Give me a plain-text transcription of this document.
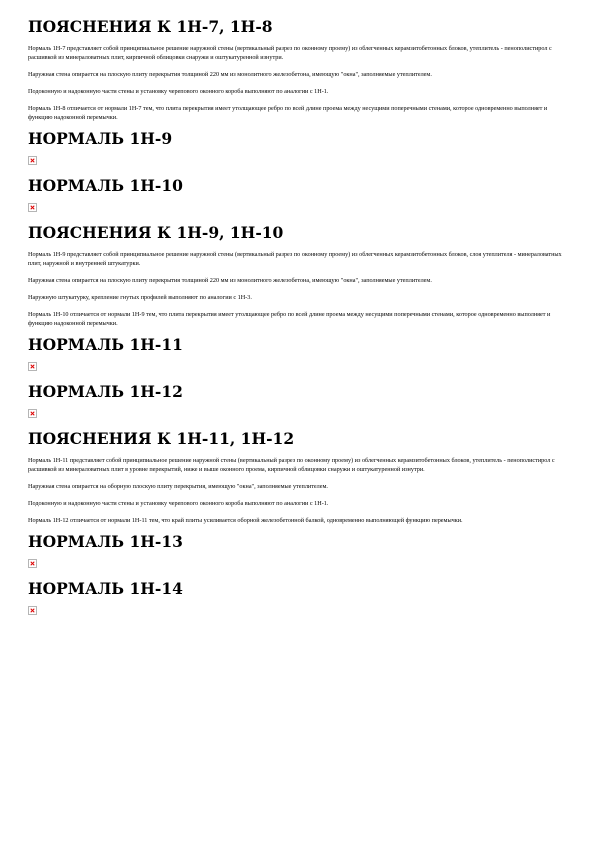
ПОЯСНЕНИЯ К 1Н-7, 1Н-8

Нормаль 1Н-7 представляет собой принципиальное решение наружной стены (вертикальный разрез по оконному проему) из облегченных керамзитобетонных блоков, утеплитель - пенополистирол с расшивкой из минераловатных плит, кирпичной облицовки снаружи и оштукатуренной изнутри.

Наружная стена опирается на плоскую плиту перекрытия толщиной 220 мм из монолитного железобетона, имеющую "окна", заполняемые утеплителем.

Подоконную и надоконную части стены и установку черепового оконного короба выполняют по аналогии с 1Н-1.

Нормаль 1Н-8 отличается от нормали 1Н-7 тем, что плита перекрытия имеет утолщающее ребро по всей длине проема между несущими поперечными стенами, которое одновременно выполняет и функцию надоконной перемычки.

НОРМАЛЬ 1Н-9
НОРМАЛЬ 1Н-10
ПОЯСНЕНИЯ К 1Н-9, 1Н-10

Нормаль 1Н-9 представляет собой принципиальное решение наружной стены (вертикальный разрез по оконному проему) из облегченных керамзитобетонных блоков, слоя утеплителя - минераловатных плит, наружной и внутренней штукатурки.

Наружная стена опирается на плоскую плиту перекрытия толщиной 220 мм из монолитного железобетона, имеющую "окна", заполняемые утеплителем.

Наружную штукатурку, крепление гнутых профилей выполняют по аналогии с 1Н-3.

Нормаль 1Н-10 отличается от нормали 1Н-9 тем, что плита перекрытия имеет утолщающее ребро по всей длине проема между несущими поперечными стенами, которое одновременно выполняет и функцию надоконной перемычки.

НОРМАЛЬ 1Н-11
НОРМАЛЬ 1Н-12
ПОЯСНЕНИЯ К 1Н-11, 1Н-12

Нормаль 1Н-11 представляет собой принципиальное решение наружной стены (вертикальный разрез по оконному проему) из облегченных керамзитобетонных блоков, утеплитель - пенополистирол с расшивкой из минераловатных плит в уровне перекрытий, ниже и выше оконного проема, кирпичной облицовки снаружи и оштукатуренной изнутри.

Наружная стена опирается на оборную плоскую плиту перекрытия, имеющую "окна", заполняемые утеплителем.

Подоконную и надоконную части стены и установку черепового оконного короба выполняют по аналогии с 1Н-1.

Нормаль 1Н-12 отличается от нормали 1Н-11 тем, что край плиты усиливается оборной железобетонной балкой, одновременно выполняющей функцию перемычки.

НОРМАЛЬ 1Н-13
НОРМАЛЬ 1Н-14
